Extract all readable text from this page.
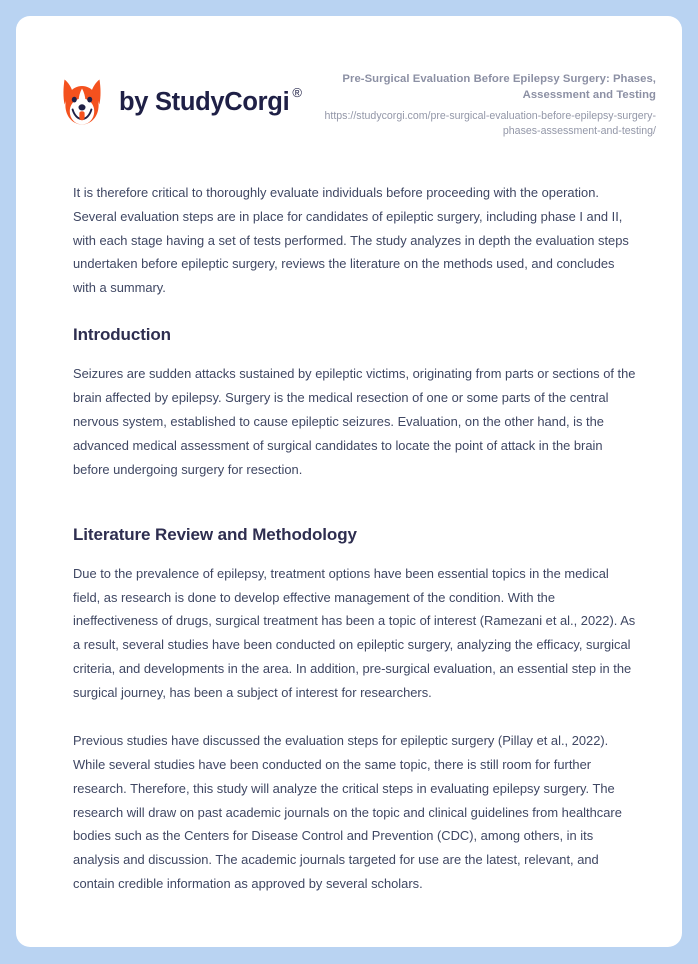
by StudyCorgi ®

Pre-Surgical Evaluation Before Epilepsy Surgery: Phases, Assessment and Testing

https://studycorgi.com/pre-surgical-evaluation-before-epilepsy-surgery-phases-assessment-and-testing/

It is therefore critical to thoroughly evaluate individuals before proceeding with the operation. Several evaluation steps are in place for candidates of epileptic surgery, including phase I and II, with each stage having a set of tests performed. The study analyzes in depth the evaluation steps undertaken before epileptic surgery, reviews the literature on the methods used, and concludes with a summary.

Introduction

Seizures are sudden attacks sustained by epileptic victims, originating from parts or sections of the brain affected by epilepsy. Surgery is the medical resection of one or some parts of the central nervous system, established to cause epileptic seizures. Evaluation, on the other hand, is the advanced medical assessment of surgical candidates to locate the point of attack in the brain before undergoing surgery for resection.

Literature Review and Methodology

Due to the prevalence of epilepsy, treatment options have been essential topics in the medical field, as research is done to develop effective management of the condition. With the ineffectiveness of drugs, surgical treatment has been a topic of interest (Ramezani et al., 2022). As a result, several studies have been conducted on epileptic surgery, analyzing the efficacy, surgical criteria, and developments in the area. In addition, pre-surgical evaluation, an essential step in the surgical journey, has been a subject of interest for researchers.

Previous studies have discussed the evaluation steps for epileptic surgery (Pillay et al., 2022). While several studies have been conducted on the same topic, there is still room for further research. Therefore, this study will analyze the critical steps in evaluating epilepsy surgery. The research will draw on past academic journals on the topic and clinical guidelines from healthcare bodies such as the Centers for Disease Control and Prevention (CDC), among others, in its analysis and discussion. The academic journals targeted for use are the latest, relevant, and contain credible information as approved by several scholars.
